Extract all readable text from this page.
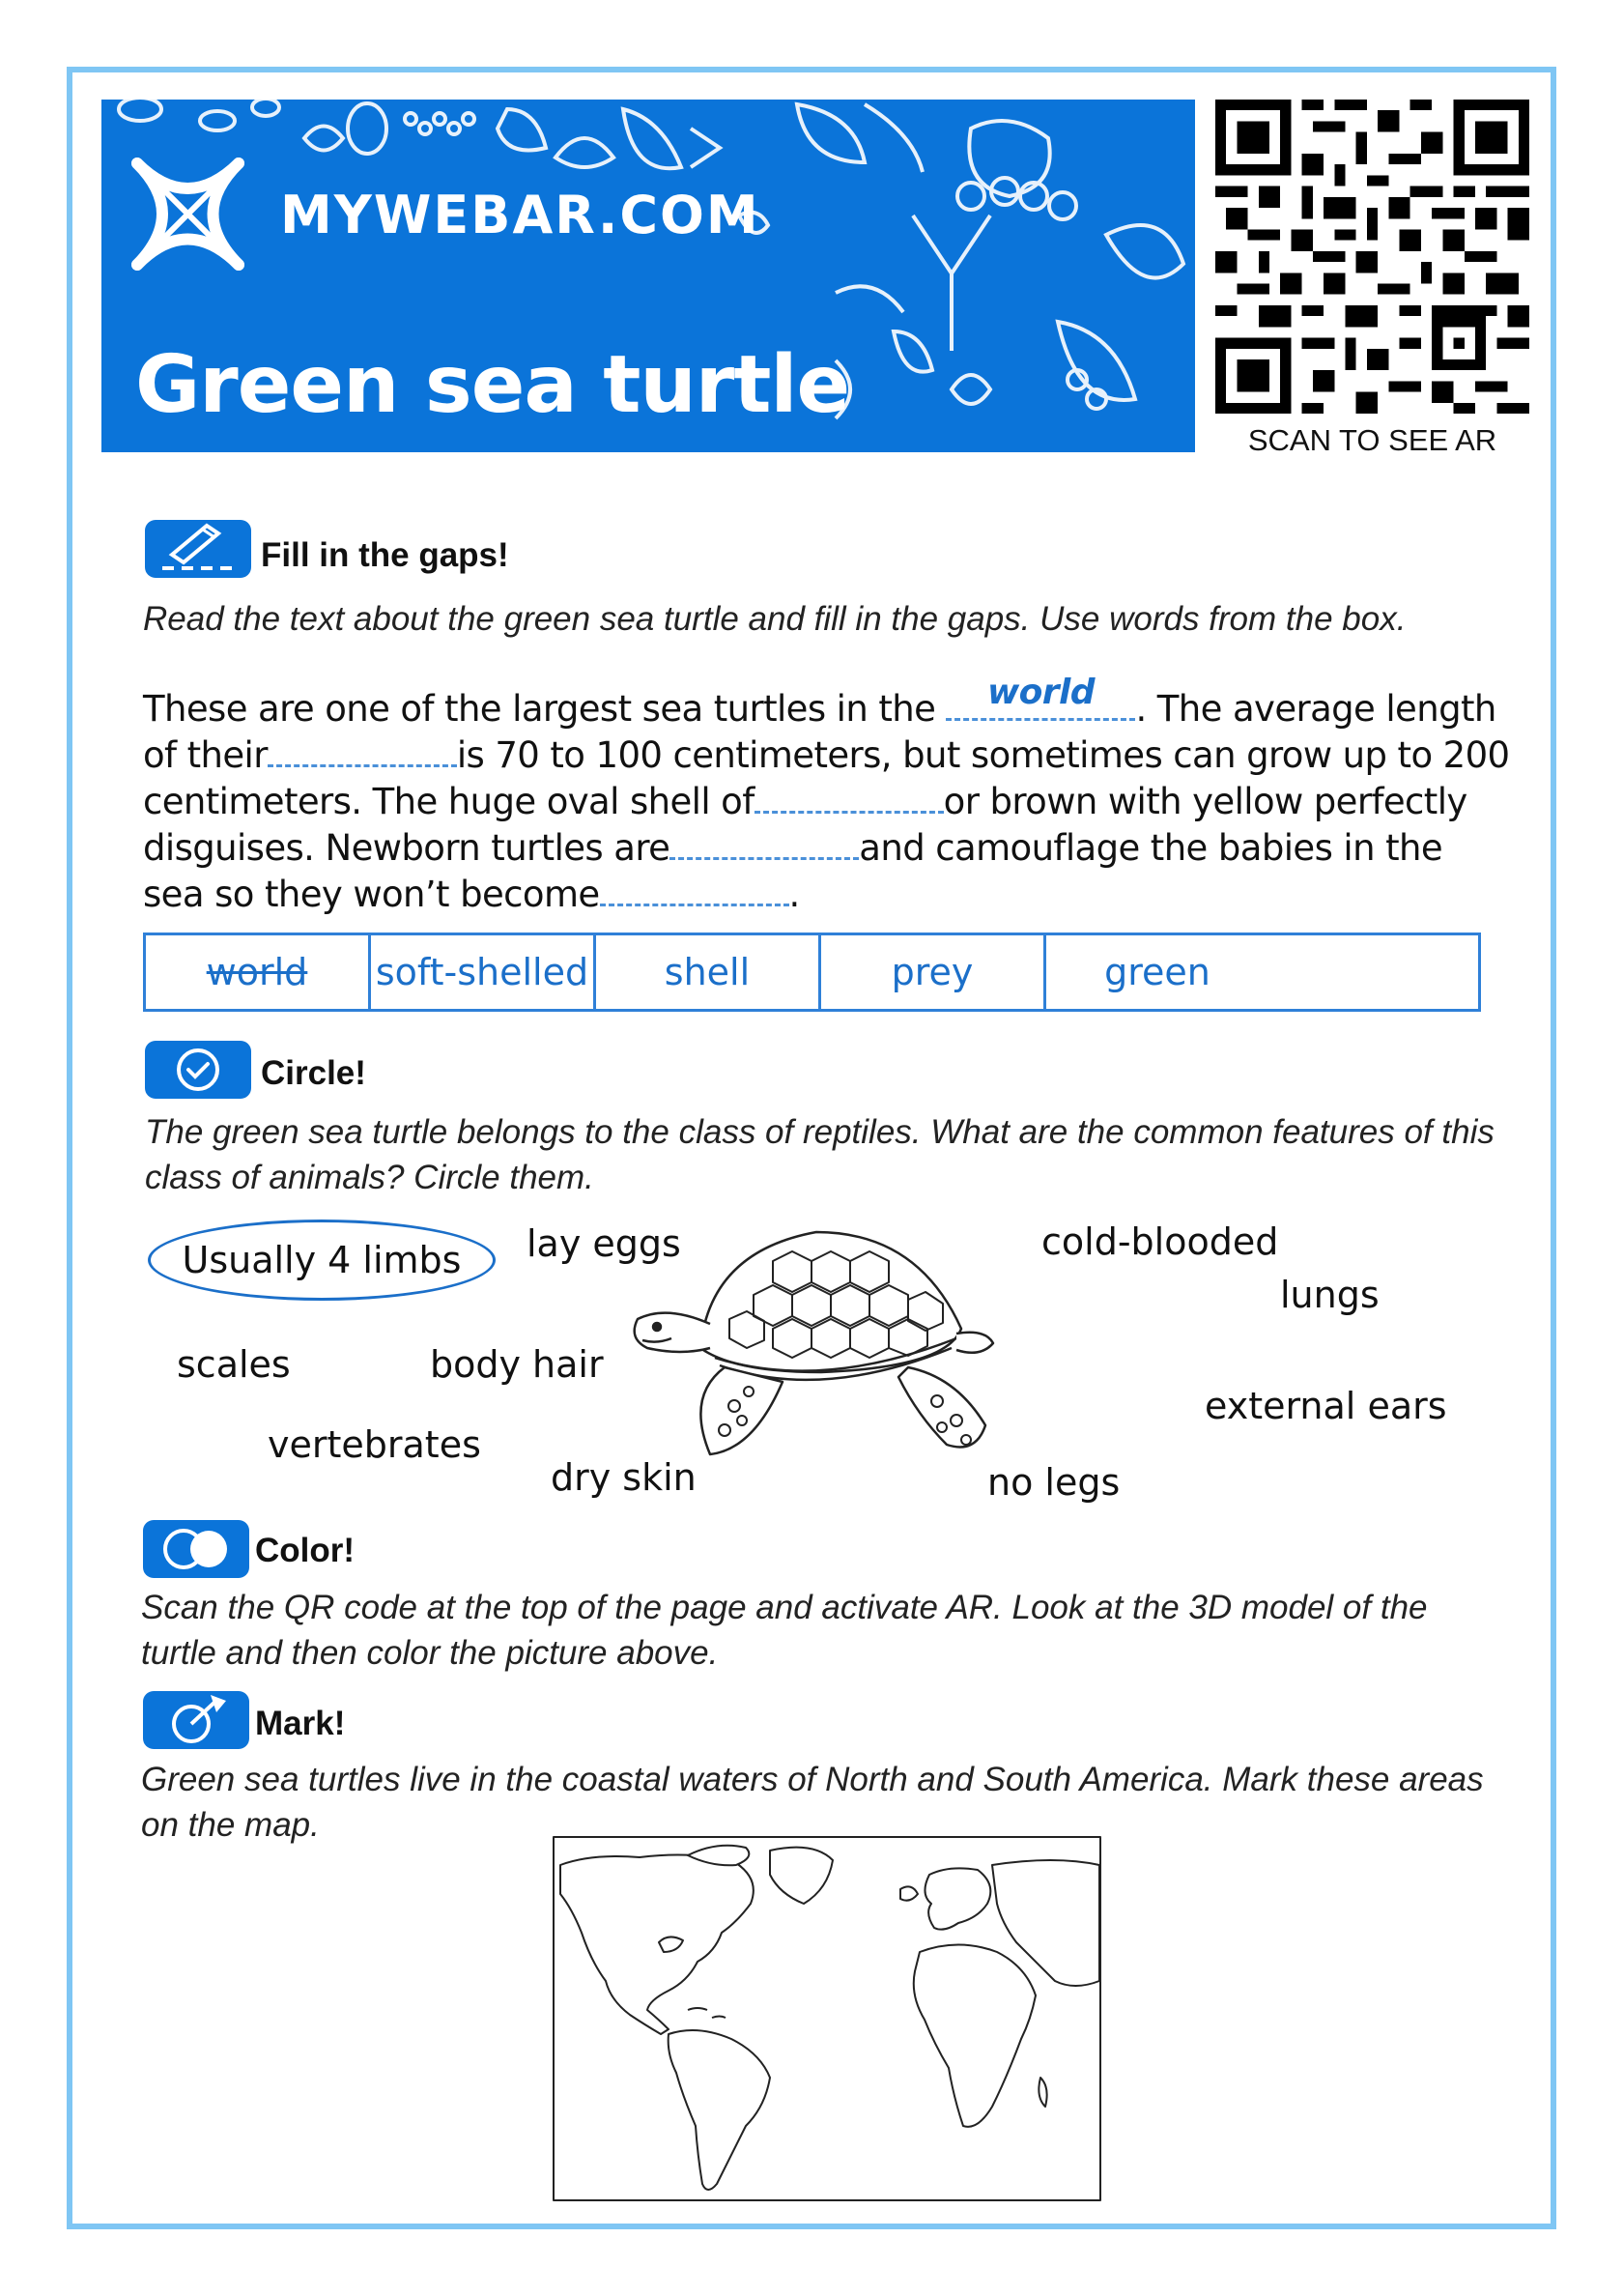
MYWEBAR.COM
Green sea turtle
SCAN TO SEE AR
Fill in the gaps!
Read the text about the green sea turtle and fill in the gaps. Use words from the box.
These are one of the largest sea turtles in the	world	. The average length
of their	is 70 to 100 centimeters, but sometimes can grow up to 200
centimeters. The huge oval shell of	or brown with yellow perfectly
disguises. Newborn turtles are	and camouflage the babies in the
sea so they won’t become	.
world	soft-shelled	shell	prey	green
Circle!
The green sea turtle belongs to the class of reptiles. What are the common features of this class of animals? Circle them.
Usually 4 limbs lay eggs	cold-blooded
lungs
scales	body hair
external ears
vertebrates
dry skin	no legs
Color!
Scan the QR code at the top of the page and activate AR. Look at the 3D model of the turtle and then color the picture above.
Mark!
Green sea turtles live in the coastal waters of North and South America. Mark these areas on the map.
